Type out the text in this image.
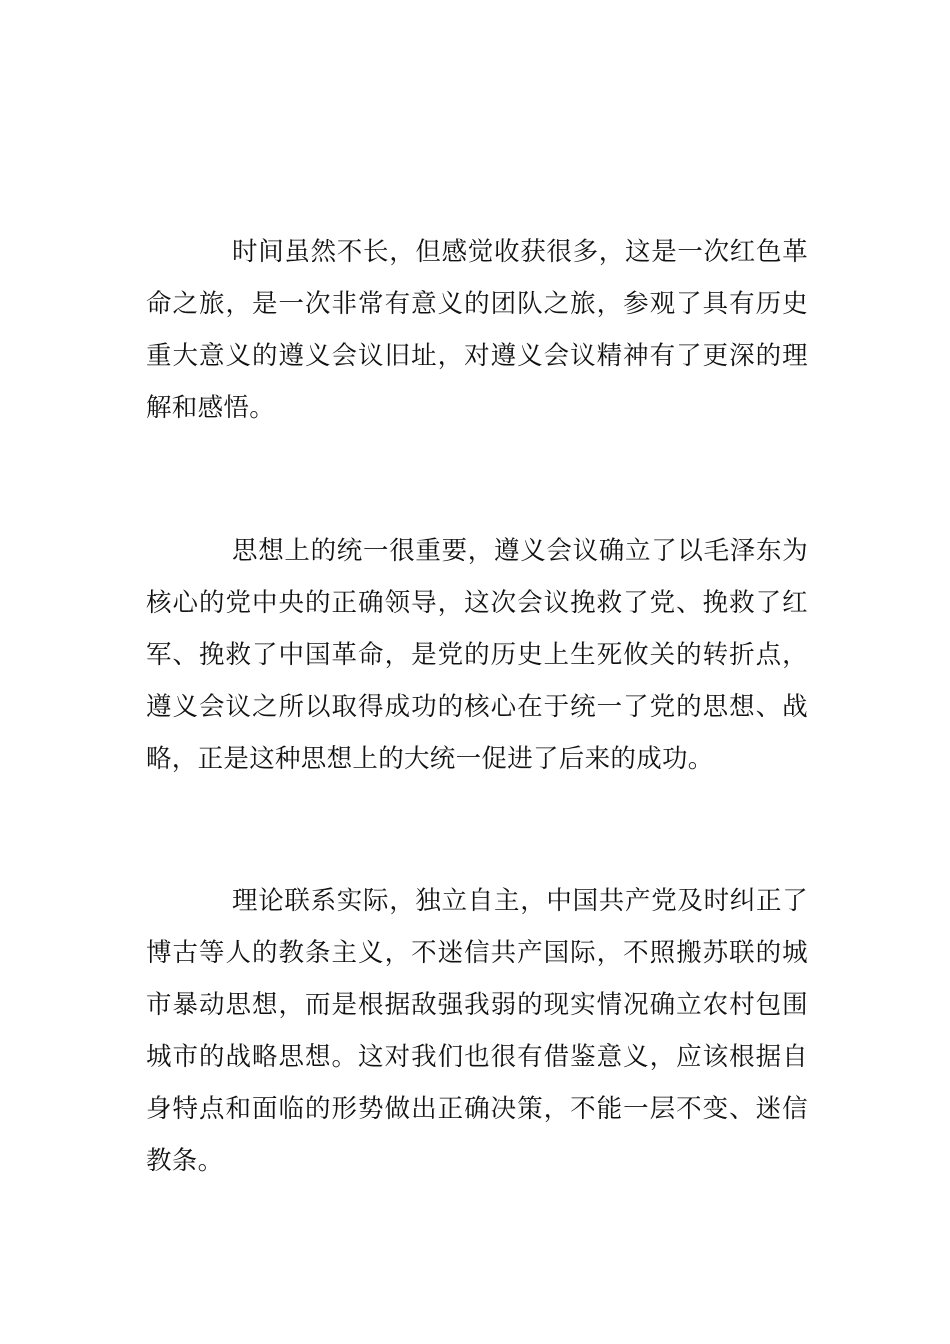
时间虽然不长，但感觉收获很多，这是一次红色革命之旅，是一次非常有意义的团队之旅，参观了具有历史重大意义的遵义会议旧址，对遵义会议精神有了更深的理解和感悟。

思想上的统一很重要，遵义会议确立了以毛泽东为核心的党中央的正确领导，这次会议挽救了党、挽救了红军、挽救了中国革命，是党的历史上生死攸关的转折点，遵义会议之所以取得成功的核心在于统一了党的思想、战略，正是这种思想上的大统一促进了后来的成功。

理论联系实际，独立自主，中国共产党及时纠正了博古等人的教条主义，不迷信共产国际，不照搬苏联的城市暴动思想，而是根据敌强我弱的现实情况确立农村包围城市的战略思想。这对我们也很有借鉴意义，应该根据自身特点和面临的形势做出正确决策，不能一层不变、迷信教条。
